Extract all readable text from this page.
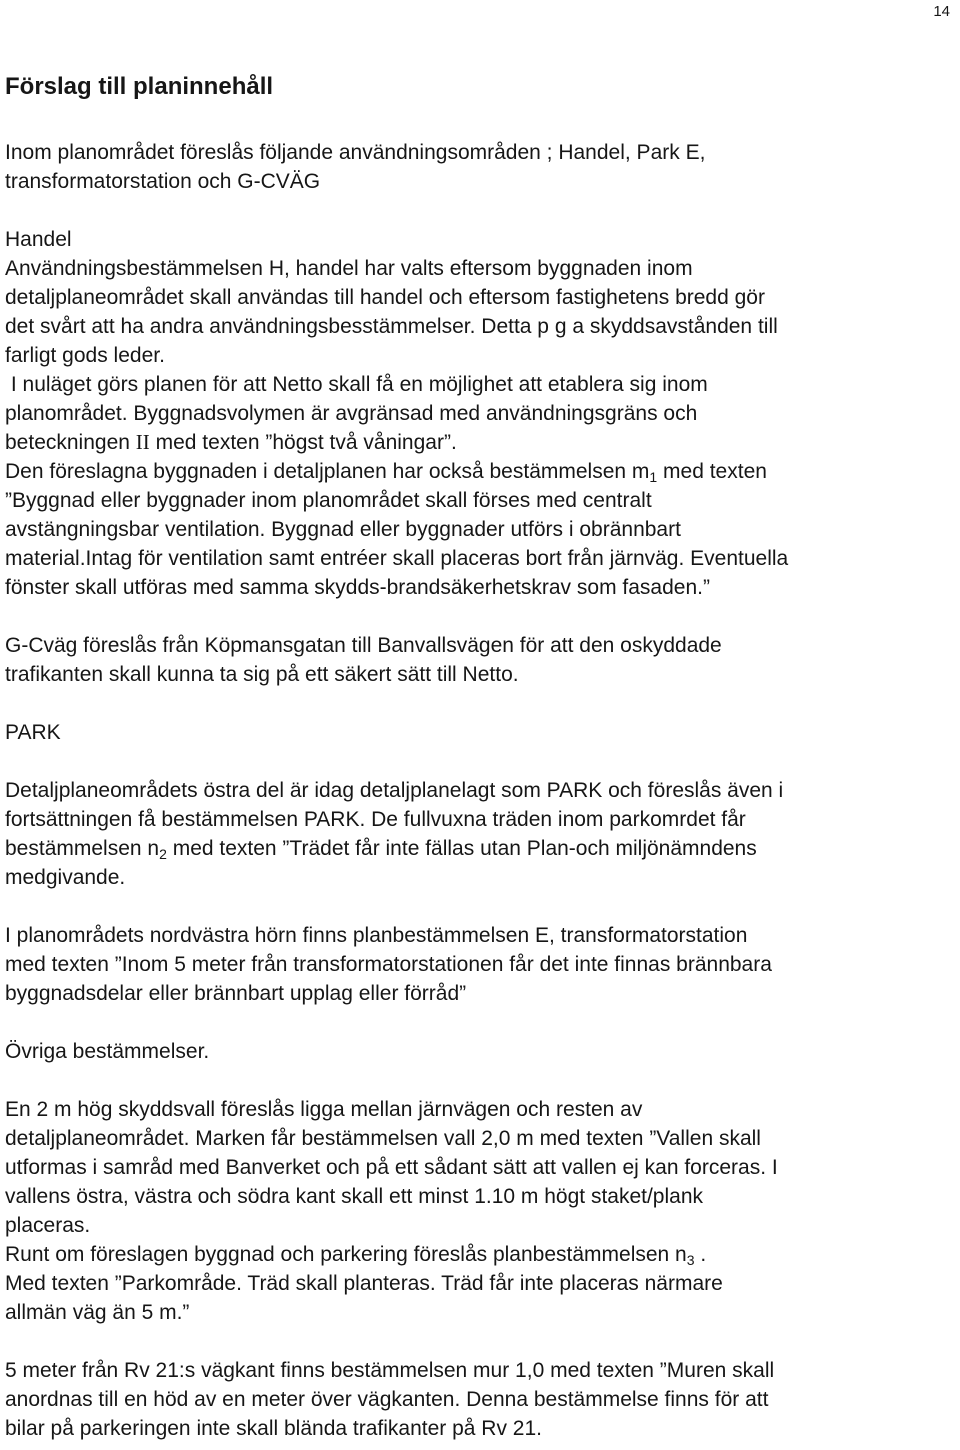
14
Förslag till planinnehåll

Inom planområdet föreslås följande användningsområden ; Handel, Park E,
transformatorstation och G-CVÄG

Handel

Användningsbestämmelsen H, handel har valts eftersom byggnaden inom
detaljplaneområdet skall användas till handel och eftersom fastighetens bredd gör
det svårt att ha andra användningsbesstämmelser. Detta p g a skyddsavstånden till
farligt gods leder.

I nuläget görs planen för att Netto skall få en möjlighet att etablera sig inom
planområdet. Byggnadsvolymen är avgränsad med användningsgräns och
beteckningen II med texten ”högst två våningar”.

Den föreslagna byggnaden i detaljplanen har också bestämmelsen $m_1$ med texten
”Byggnad eller byggnader inom planområdet skall förses med centralt
avstängningsbar ventilation. Byggnad eller byggnader utförs i obrännbart
material.Intag för ventilation samt entréer skall placeras bort från järnväg. Eventuella
fönster skall utföras med samma skydds-brandsäkerhetskrav som fasaden.”

G-Cväg föreslås från Köpmansgatan till Banvallsvägen för att den oskyddade
trafikanten skall kunna ta sig på ett säkert sätt till Netto.

PARK

Detaljplaneområdets östra del är idag detaljplanelagt som PARK och föreslås även i
fortsättningen få bestämmelsen PARK. De fullvuxna träden inom parkomrdet får
bestämmelsen $n_2$ med texten ”Trädet får inte fällas utan Plan-och miljönämndens
medgivande.

I planområdets nordvästra hörn finns planbestämmelsen E, transformatorstation
med texten ”Inom 5 meter från transformatorstationen får det inte finnas brännbara
byggnadsdelar eller brännbart upplag eller förråd”

Övriga bestämmelser.

En 2 m hög skyddsvall föreslås ligga mellan järnvägen och resten av
detaljplaneområdet. Marken får bestämmelsen vall 2,0 m med texten ”Vallen skall
utformas i samråd med Banverket och på ett sådant sätt att vallen ej kan forceras. I
vallens östra, västra och södra kant skall ett minst 1.10 m högt staket/plank
placeras.

Runt om föreslagen byggnad och parkering föreslås planbestämmelsen $n_3$ .
Med texten ”Parkområde. Träd skall planteras. Träd får inte placeras närmare
allmän väg än 5 m.”

5 meter från Rv 21:s vägkant finns bestämmelsen mur 1,0 med texten ”Muren skall
anordnas till en höd av en meter över vägkanten. Denna bestämmelse finns för att
bilar på parkeringen inte skall blända trafikanter på Rv 21.
